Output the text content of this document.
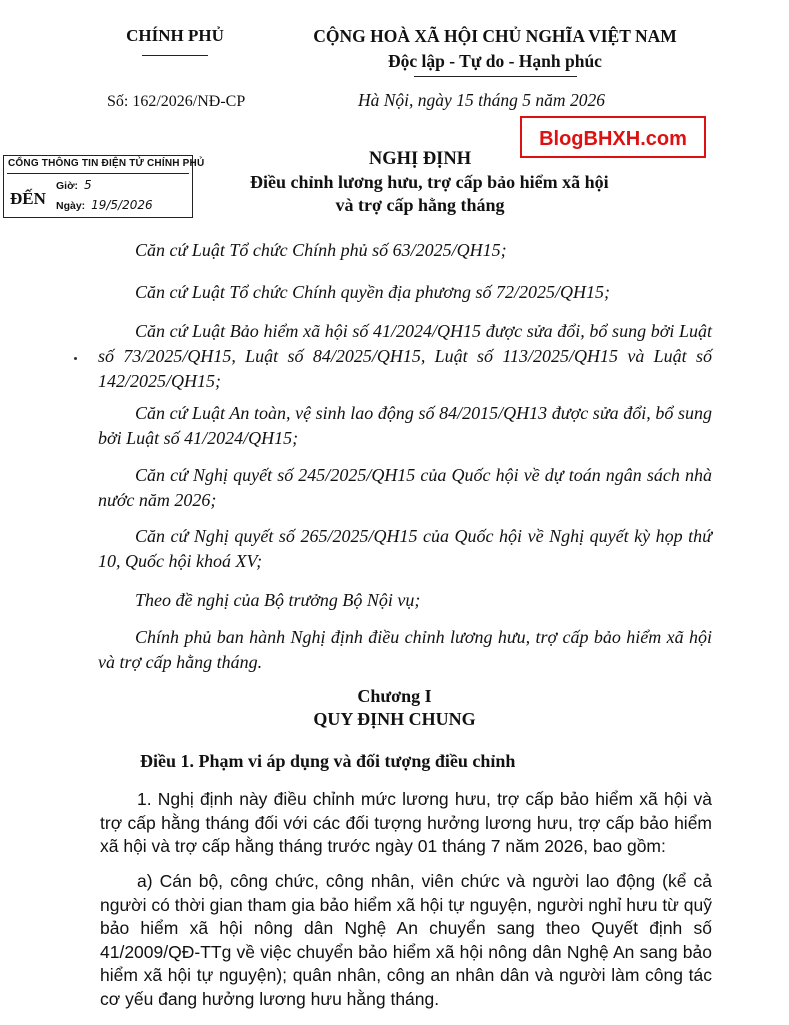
CHÍNH PHỦ	CỘNG HOÀ XÃ HỘI CHỦ NGHĨA VIỆT NAM
Độc lập - Tự do - Hạnh phúc
Số: 162/2026/NĐ-CP	Hà Nội, ngày 15 tháng 5 năm 2026
BlogBHXH.com
CỔNG THÔNG TIN ĐIỆN TỬ CHÍNH PHỦ
ĐẾN
Giờ: 5
Ngày: 19/5/2026
NGHỊ ĐỊNH
Điều chỉnh lương hưu, trợ cấp bảo hiểm xã hội
và trợ cấp hằng tháng
Căn cứ Luật Tổ chức Chính phủ số 63/2025/QH15;
Căn cứ Luật Tổ chức Chính quyền địa phương số 72/2025/QH15;
Căn cứ Luật Bảo hiểm xã hội số 41/2024/QH15 được sửa đổi, bổ sung bởi Luật số 73/2025/QH15, Luật số 84/2025/QH15, Luật số 113/2025/QH15 và Luật số 142/2025/QH15;
Căn cứ Luật An toàn, vệ sinh lao động số 84/2015/QH13 được sửa đổi, bổ sung bởi Luật số 41/2024/QH15;
Căn cứ Nghị quyết số 245/2025/QH15 của Quốc hội về dự toán ngân sách nhà nước năm 2026;
Căn cứ Nghị quyết số 265/2025/QH15 của Quốc hội về Nghị quyết kỳ họp thứ 10, Quốc hội khoá XV;
Theo đề nghị của Bộ trưởng Bộ Nội vụ;
Chính phủ ban hành Nghị định điều chỉnh lương hưu, trợ cấp bảo hiểm xã hội và trợ cấp hằng tháng.
Chương I
QUY ĐỊNH CHUNG
Điều 1. Phạm vi áp dụng và đối tượng điều chỉnh
1. Nghị định này điều chỉnh mức lương hưu, trợ cấp bảo hiểm xã hội và trợ cấp hằng tháng đối với các đối tượng hưởng lương hưu, trợ cấp bảo hiểm xã hội và trợ cấp hằng tháng trước ngày 01 tháng 7 năm 2026, bao gồm:
a) Cán bộ, công chức, công nhân, viên chức và người lao động (kể cả người có thời gian tham gia bảo hiểm xã hội tự nguyện, người nghỉ hưu từ quỹ bảo hiểm xã hội nông dân Nghệ An chuyển sang theo Quyết định số 41/2009/QĐ-TTg về việc chuyển bảo hiểm xã hội nông dân Nghệ An sang bảo hiểm xã hội tự nguyện); quân nhân, công an nhân dân và người làm công tác cơ yếu đang hưởng lương hưu hằng tháng.
